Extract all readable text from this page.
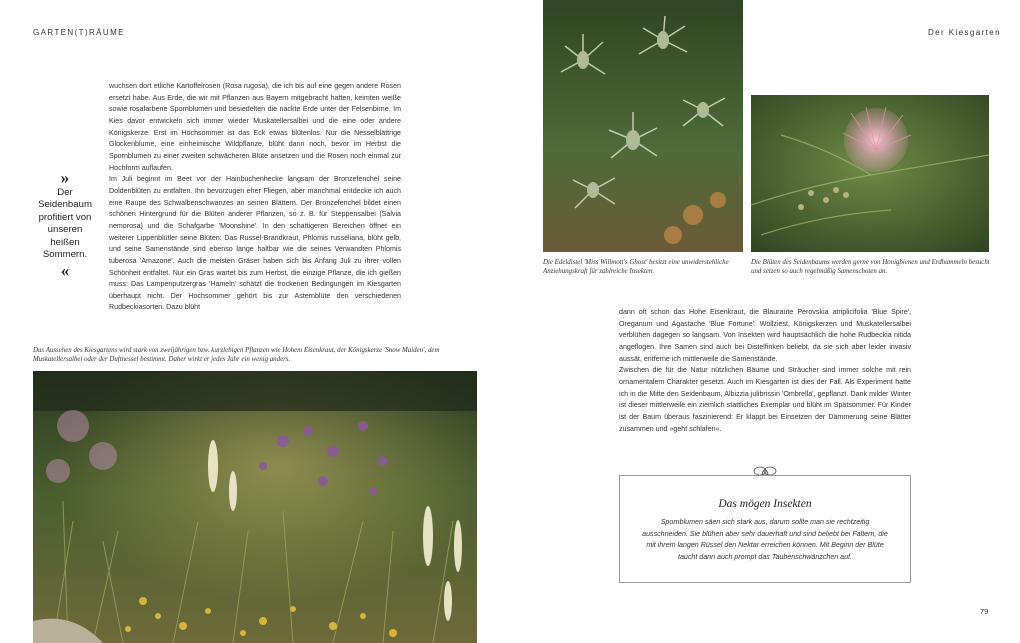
GARTEN(T)RÄUME

wuchsen dort etliche Kartoffelrosen (Rosa rugosa), die ich bis auf eine gegen andere Rosen ersetzt habe. Aus Erde, die wir mit Pflanzen aus Bayern mitgebracht hatten, keimten weiße sowie rosafarbene Spornblumen und besiedelten die nackte Erde unter der Felsenbirne. Im Kies davor entwickeln sich immer wieder Muskatellersalbei und die eine oder andere Königskerze. Erst im Hochsommer ist das Eck etwas blütenlos. Nur die Nesselblättrige Glockenblume, eine einheimische Wildpflanze, blüht dann noch, bevor im Herbst die Spornblumen zu einer zweiten schwächeren Blüte ansetzen und die Rosen noch einmal zur Hochform auflaufen.

Im Juli beginnt im Beet vor der Hainbuchenhecke langsam der Bronzefenchel seine Doldenblüten zu entfalten. Ihn bevorzugen eher Fliegen, aber manchmal entdecke ich auch eine Raupe des Schwalbenschwanzes an seinen Blättern. Der Bronzefenchel bildet einen schönen Hintergrund für die Blüten anderer Pflanzen, so z. B. für Steppensalbei (Salvia nemorosa) und die Schafgarbe 'Moonshine'. In den schattigeren Bereichen öffnet ein weiterer Lippenblütler seine Blüten: Das Russel-Brandkraut, Phlomis russeliana, blüht gelb, und seine Samenstände sind ebenso lange haltbar wie die seines Verwandten Phlomis tuberosa 'Amazone'. Auch die meisten Gräser haben sich bis Anfang Juli zu ihrer vollen Schönheit entfaltet. Nur ein Gras wartet bis zum Herbst, die einzige Pflanze, die ich gießen muss: Das Lampenputzergras 'Hameln' schätzt die trockenen Bedingungen im Kiesgarten überhaupt nicht. Der Hochsommer gehört bis zur Asternblüte den verschiedenen Rudbeckiasorten. Dazu blüht

»
Der Seidenbaum profitiert von unseren heißen Sommern.
«

Das Aussehen des Kiesgartens wird stark von zweijährigen bzw. kurzlebigen Pflanzen wie Hohem Eisenkraut, der Königskerze 'Snow Maiden', dem Muskatellersalbei oder der Duftnessel bestimmt. Daher wirkt er jedes Jahr ein wenig anders.

Der Kiesgarten

Die Edeldistel 'Miss Willmott's Ghost' besitzt eine unwiderstehliche Anziehungskraft für zahlreiche Insekten.

Die Blüten des Seidenbaums werden gerne von Honigbienen und Erdhummeln besucht und setzen so auch regelmäßig Samenschoten an.

dann oft schon das Hohe Eisenkraut, die Blauraute Perovskia atriplicifolia 'Blue Spire', Oreganum und Agastache 'Blue Fortune'. Wollziest, Königskerzen und Muskatellersalbei verblühen dagegen so langsam. Von Insekten wird hauptsächlich die hohe Rudbeckia nitida angeflogen. Ihre Samen sind auch bei Distelfinken beliebt, da sie sich aber leider invasiv aussät, entferne ich mittlerweile die Samenstände.

Zwischen die für die Natur nützlichen Bäume und Sträucher sind immer solche mit rein ornamentalem Charakter gesetzt. Auch im Kiesgarten ist dies der Fall. Als Experiment hatte ich in die Mitte den Seidenbaum, Albizzia julibrissin 'Ombrella', gepflanzt. Dank milder Winter ist dieser mittlerweile ein ziemlich stattliches Exemplar und blüht im Spätsommer. Für Kinder ist der Baum überaus faszinierend: Er klappt bei Einsetzen der Dämmerung seine Blätter zusammen und »geht schlafen«.

Das mögen Insekten

Spornblumen säen sich stark aus, darum sollte man sie rechtzeitig ausschneiden. Sie blühen aber sehr dauerhaft und sind beliebt bei Faltern, die mit ihrem langen Rüssel den Nektar erreichen können. Mit Beginn der Blüte taucht dann auch prompt das Taubenschwänzchen auf.

79
